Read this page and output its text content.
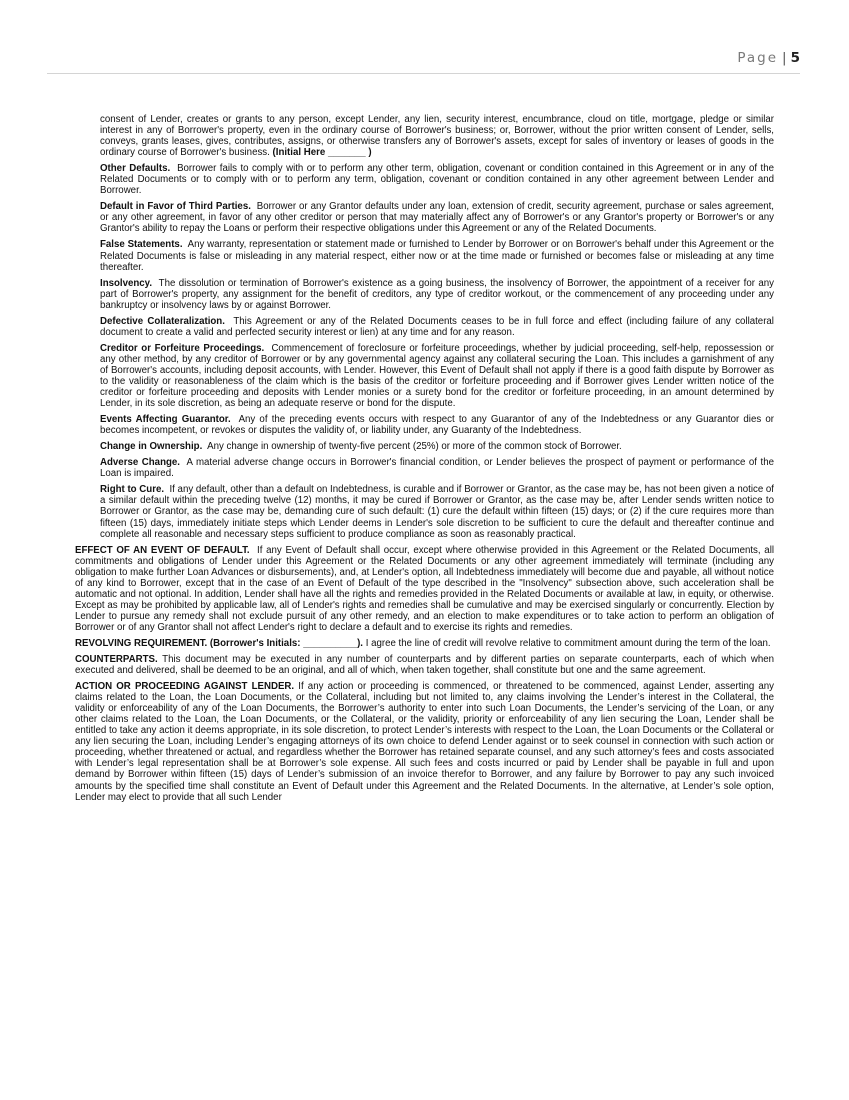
Page | 5

consent of Lender, creates or grants to any person, except Lender, any lien, security interest, encumbrance, cloud on title, mortgage, pledge or similar interest in any of Borrower's property, even in the ordinary course of Borrower's business; or, Borrower, without the prior written consent of Lender, sells, conveys, grants leases, gives, contributes, assigns, or otherwise transfers any of Borrower's assets, except for sales of inventory or leases of goods in the ordinary course of Borrower's business. (Initial Here _______ )

Other Defaults. Borrower fails to comply with or to perform any other term, obligation, covenant or condition contained in this Agreement or in any of the Related Documents or to comply with or to perform any term, obligation, covenant or condition contained in any other agreement between Lender and Borrower.

Default in Favor of Third Parties. Borrower or any Grantor defaults under any loan, extension of credit, security agreement, purchase or sales agreement, or any other agreement, in favor of any other creditor or person that may materially affect any of Borrower's or any Grantor's property or Borrower's or any Grantor's ability to repay the Loans or perform their respective obligations under this Agreement or any of the Related Documents.

False Statements. Any warranty, representation or statement made or furnished to Lender by Borrower or on Borrower's behalf under this Agreement or the Related Documents is false or misleading in any material respect, either now or at the time made or furnished or becomes false or misleading at any time thereafter.

Insolvency. The dissolution or termination of Borrower's existence as a going business, the insolvency of Borrower, the appointment of a receiver for any part of Borrower's property, any assignment for the benefit of creditors, any type of creditor workout, or the commencement of any proceeding under any bankruptcy or insolvency laws by or against Borrower.

Defective Collateralization. This Agreement or any of the Related Documents ceases to be in full force and effect (including failure of any collateral document to create a valid and perfected security interest or lien) at any time and for any reason.

Creditor or Forfeiture Proceedings. Commencement of foreclosure or forfeiture proceedings, whether by judicial proceeding, self-help, repossession or any other method, by any creditor of Borrower or by any governmental agency against any collateral securing the Loan. This includes a garnishment of any of Borrower's accounts, including deposit accounts, with Lender. However, this Event of Default shall not apply if there is a good faith dispute by Borrower as to the validity or reasonableness of the claim which is the basis of the creditor or forfeiture proceeding and if Borrower gives Lender written notice of the creditor or forfeiture proceeding and deposits with Lender monies or a surety bond for the creditor or forfeiture proceeding, in an amount determined by Lender, in its sole discretion, as being an adequate reserve or bond for the dispute.

Events Affecting Guarantor. Any of the preceding events occurs with respect to any Guarantor of any of the Indebtedness or any Guarantor dies or becomes incompetent, or revokes or disputes the validity of, or liability under, any Guaranty of the Indebtedness.

Change in Ownership. Any change in ownership of twenty-five percent (25%) or more of the common stock of Borrower.

Adverse Change. A material adverse change occurs in Borrower's financial condition, or Lender believes the prospect of payment or performance of the Loan is impaired.

Right to Cure. If any default, other than a default on Indebtedness, is curable and if Borrower or Grantor, as the case may be, has not been given a notice of a similar default within the preceding twelve (12) months, it may be cured if Borrower or Grantor, as the case may be, after Lender sends written notice to Borrower or Grantor, as the case may be, demanding cure of such default: (1) cure the default within fifteen (15) days; or (2) if the cure requires more than fifteen (15) days, immediately initiate steps which Lender deems in Lender's sole discretion to be sufficient to cure the default and thereafter continue and complete all reasonable and necessary steps sufficient to produce compliance as soon as reasonably practical.

EFFECT OF AN EVENT OF DEFAULT. If any Event of Default shall occur, except where otherwise provided in this Agreement or the Related Documents, all commitments and obligations of Lender under this Agreement or the Related Documents or any other agreement immediately will terminate (including any obligation to make further Loan Advances or disbursements), and, at Lender's option, all Indebtedness immediately will become due and payable, all without notice of any kind to Borrower, except that in the case of an Event of Default of the type described in the "Insolvency" subsection above, such acceleration shall be automatic and not optional. In addition, Lender shall have all the rights and remedies provided in the Related Documents or available at law, in equity, or otherwise. Except as may be prohibited by applicable law, all of Lender's rights and remedies shall be cumulative and may be exercised singularly or concurrently. Election by Lender to pursue any remedy shall not exclude pursuit of any other remedy, and an election to make expenditures or to take action to perform an obligation of Borrower or of any Grantor shall not affect Lender's right to declare a default and to exercise its rights and remedies.

REVOLVING REQUIREMENT. (Borrower's Initials: __________). I agree the line of credit will revolve relative to commitment amount during the term of the loan.

COUNTERPARTS. This document may be executed in any number of counterparts and by different parties on separate counterparts, each of which when executed and delivered, shall be deemed to be an original, and all of which, when taken together, shall constitute but one and the same agreement.

ACTION OR PROCEEDING AGAINST LENDER. If any action or proceeding is commenced, or threatened to be commenced, against Lender, asserting any claims related to the Loan, the Loan Documents, or the Collateral, including but not limited to, any claims involving the Lender’s interest in the Collateral, the validity or enforceability of any of the Loan Documents, the Borrower’s authority to enter into such Loan Documents, the Lender’s servicing of the Loan, or any other claims related to the Loan, the Loan Documents, or the Collateral, or the validity, priority or enforceability of any lien securing the Loan, Lender shall be entitled to take any action it deems appropriate, in its sole discretion, to protect Lender’s interests with respect to the Loan, the Loan Documents or the Collateral or any lien securing the Loan, including Lender’s engaging attorneys of its own choice to defend Lender against or to seek counsel in connection with such action or proceeding, whether threatened or actual, and regardless whether the Borrower has retained separate counsel, and any such attorney’s fees and costs associated with Lender’s legal representation shall be at Borrower’s sole expense. All such fees and costs incurred or paid by Lender shall be payable in full and upon demand by Borrower within fifteen (15) days of Lender’s submission of an invoice therefor to Borrower, and any failure by Borrower to pay any such invoiced amounts by the specified time shall constitute an Event of Default under this Agreement and the Related Documents. In the alternative, at Lender’s sole option, Lender may elect to provide that all such Lender
